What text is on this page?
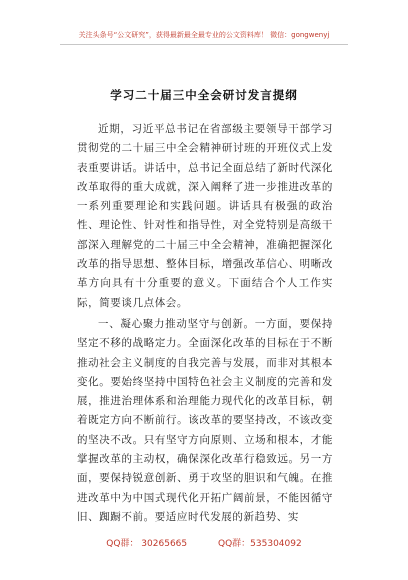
关注头条号“公文研究”，获得最新最全最专业的公文资料库！ 微信：gongwenyj
学习二十届三中全会研讨发言提纲

近期，习近平总书记在省部级主要领导干部学习贯彻党的二十届三中全会精神研讨班的开班仪式上发表重要讲话。讲话中，总书记全面总结了新时代深化改革取得的重大成就，深入阐释了进一步推进改革的一系列重要理论和实践问题。讲话具有极强的政治性、理论性、针对性和指导性，对全党特别是高级干部深入理解党的二十届三中全会精神，准确把握深化改革的指导思想、整体目标，增强改革信心、明晰改革方向具有十分重要的意义。下面结合个人工作实际，简要谈几点体会。

一、凝心聚力推动坚守与创新。一方面，要保持坚定不移的战略定力。全面深化改革的目标在于不断推动社会主义制度的自我完善与发展，而非对其根本变化。要始终坚持中国特色社会主义制度的完善和发展，推进治理体系和治理能力现代化的改革目标，朝着既定方向不断前行。该改革的要坚持改，不该改变的坚决不改。只有坚守方向原则、立场和根本，才能掌握改革的主动权，确保深化改革行稳致远。另一方面，要保持锐意创新、勇于攻坚的胆识和气魄。在推进改革中为中国式现代化开拓广阔前景，不能因循守旧、踟蹰不前。要适应时代发展的新趋势、实

QQ群： 30265665	QQ群：535304092
